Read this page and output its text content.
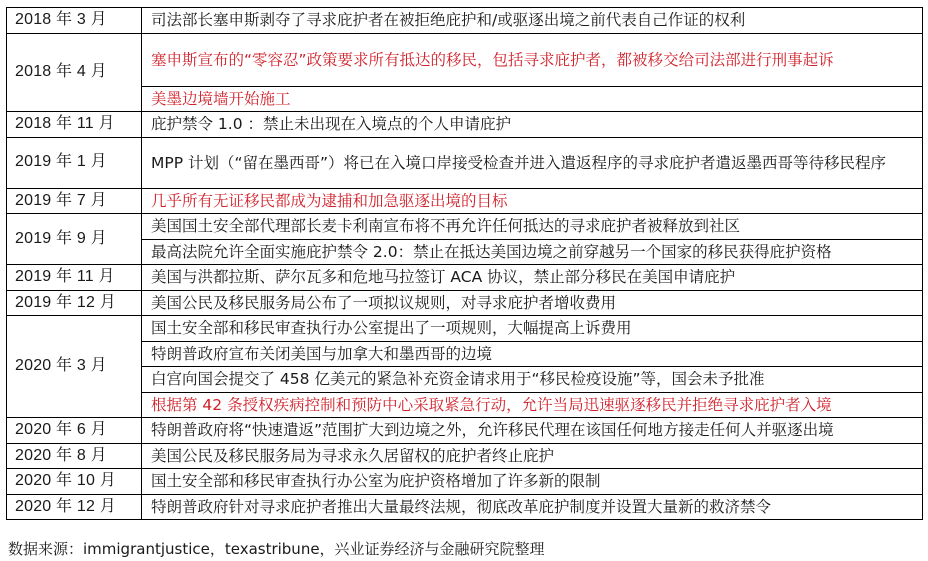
2018 年 3 月	司法部长塞申斯剥夺了寻求庇护者在被拒绝庇护和/或驱逐出境之前代表自己作证的权利
2018 年 4 月	塞申斯宣布的“零容忍”政策要求所有抵达的移民，包括寻求庇护者，都被移交给司法部进行刑事起诉
	美墨边境墙开始施工
2018 年 11 月	庇护禁令 1.0 ：禁止未出现在入境点的个人申请庇护
2019 年 1 月	MPP 计划（“留在墨西哥”）将已在入境口岸接受检查并进入遣返程序的寻求庇护者遣返墨西哥等待移民程序
2019 年 7 月	几乎所有无证移民都成为逮捕和加急驱逐出境的目标
2019 年 9 月	美国国土安全部代理部长麦卡利南宣布将不再允许任何抵达的寻求庇护者被释放到社区
	最高法院允许全面实施庇护禁令 2.0：禁止在抵达美国边境之前穿越另一个国家的移民获得庇护资格
2019 年 11 月	美国与洪都拉斯、萨尔瓦多和危地马拉签订 ACA 协议，禁止部分移民在美国申请庇护
2019 年 12 月	美国公民及移民服务局公布了一项拟议规则，对寻求庇护者增收费用
2020 年 3 月	国土安全部和移民审查执行办公室提出了一项规则，大幅提高上诉费用
	特朗普政府宣布关闭美国与加拿大和墨西哥的边境
	白宫向国会提交了 458 亿美元的紧急补充资金请求用于“移民检疫设施”等，国会未予批准
	根据第 42 条授权疾病控制和预防中心采取紧急行动，允许当局迅速驱逐移民并拒绝寻求庇护者入境
2020 年 6 月	特朗普政府将“快速遣返”范围扩大到边境之外，允许移民代理在该国任何地方接走任何人并驱逐出境
2020 年 8 月	美国公民及移民服务局为寻求永久居留权的庇护者终止庇护
2020 年 10 月	国土安全部和移民审查执行办公室为庇护资格增加了许多新的限制
2020 年 12 月	特朗普政府针对寻求庇护者推出大量最终法规，彻底改革庇护制度并设置大量新的救济禁令
数据来源：immigrantjustice，texastribune，兴业证券经济与金融研究院整理
